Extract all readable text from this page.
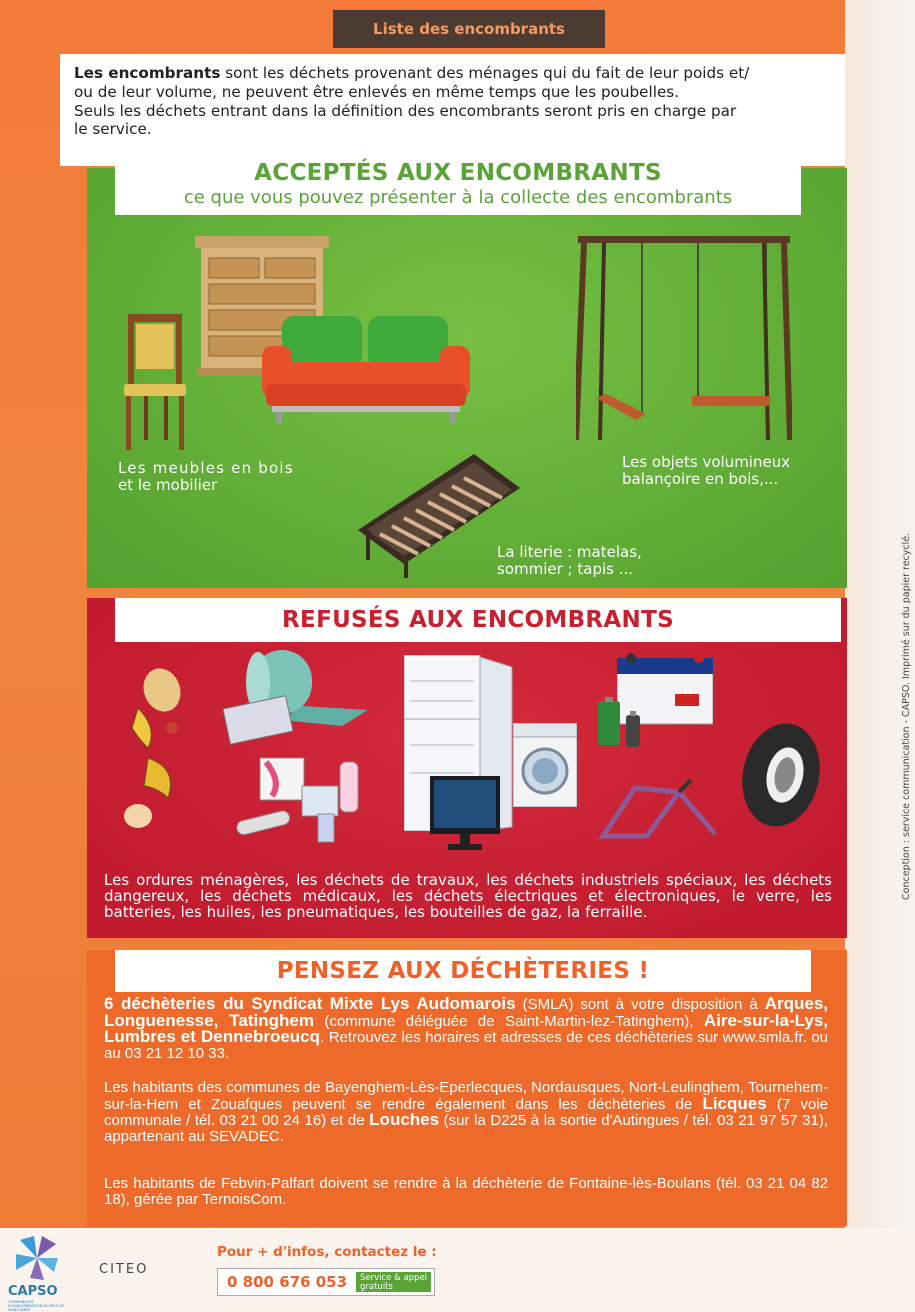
Liste des encombrants
Les encombrants sont les déchets provenant des ménages qui du fait de leur poids et/
ou de leur volume, ne peuvent être enlevés en même temps que les poubelles.
Seuls les déchets entrant dans la définition des encombrants seront pris en charge par
le service.
ACCEPTÉS AUX ENCOMBRANTS
ce que vous pouvez présenter à la collecte des encombrants
Les meubles en bois
et le mobilier
Les objets volumineux
balançoire en bois,...
La literie : matelas,
sommier ; tapis ...
REFUSÉS AUX ENCOMBRANTS
Les ordures ménagères, les déchets de travaux, les déchets industriels spéciaux, les déchets dangereux, les déchets médicaux, les déchets électriques et électroniques, le verre, les batteries, les huiles, les pneumatiques, les bouteilles de gaz, la ferraille.
PENSEZ AUX DÉCHÈTERIES !
6 déchèteries du Syndicat Mixte Lys Audomarois (SMLA) sont à votre disposition à Arques, Longuenesse, Tatinghem (commune déléguée de Saint-Martin-lez-Tatinghem), Aire-sur-la-Lys, Lumbres et Dennebroeucq. Retrouvez les horaires et adresses de ces déchèteries sur www.smla.fr. ou au 03 21 12 10 33.
Les habitants des communes de Bayenghem-Lès-Eperlecques, Nordausques, Nort-Leulinghem, Tournehem-sur-la-Hem et Zouafques peuvent se rendre également dans les déchèteries de Licques (7 voie communale / tél. 03 21 00 24 16) et de Louches (sur la D225 à la sortie d'Autingues / tél. 03 21 97 57 31), appartenant au SEVADEC.
Les habitants de Febvin-Palfart doivent se rendre à la déchèterie de Fontaine-lès-Boulans (tél. 03 21 04 82 18), gérée par TernoisCom.
CAPSO
COMMUNAUTÉ D'AGGLOMÉRATION DU PAYS DE SAINT-OMER
CITEO
Pour + d'infos, contactez le :
0 800 676 053	Service & appel
gratuits
Conception : service communication - CAPSO. Imprimé sur du papier recyclé.
